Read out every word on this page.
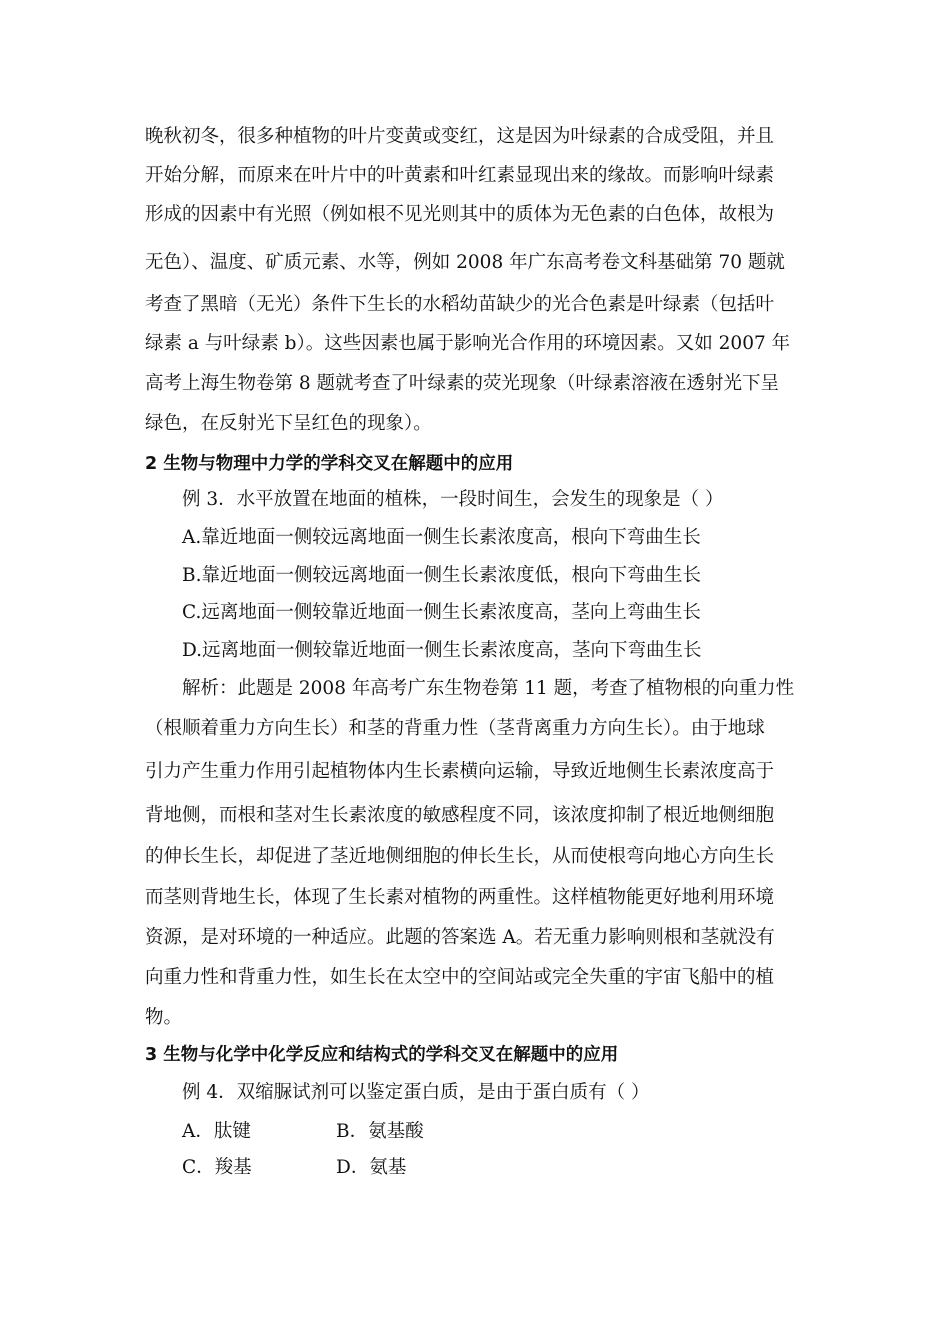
晚秋初冬，很多种植物的叶片变黄或变红，这是因为叶绿素的合成受阻，并且
开始分解，而原来在叶片中的叶黄素和叶红素显现出来的缘故。而影响叶绿素
形成的因素中有光照（例如根不见光则其中的质体为无色素的白色体，故根为
无色）、温度、矿质元素、水等，例如 2008 年广东高考卷文科基础第 70 题就
考查了黑暗（无光）条件下生长的水稻幼苗缺少的光合色素是叶绿素（包括叶
绿素 a 与叶绿素 b）。这些因素也属于影响光合作用的环境因素。又如 2007 年
高考上海生物卷第 8 题就考查了叶绿素的荧光现象（叶绿素溶液在透射光下呈
绿色，在反射光下呈红色的现象）。
2 生物与物理中力学的学科交叉在解题中的应用
例 3．水平放置在地面的植株，一段时间生，会发生的现象是（ ）
A.靠近地面一侧较远离地面一侧生长素浓度高，根向下弯曲生长
B.靠近地面一侧较远离地面一侧生长素浓度低，根向下弯曲生长
C.远离地面一侧较靠近地面一侧生长素浓度高，茎向上弯曲生长
D.远离地面一侧较靠近地面一侧生长素浓度高，茎向下弯曲生长
解析：此题是 2008 年高考广东生物卷第 11 题，考查了植物根的向重力性
（根顺着重力方向生长）和茎的背重力性（茎背离重力方向生长）。由于地球
引力产生重力作用引起植物体内生长素横向运输，导致近地侧生长素浓度高于
背地侧，而根和茎对生长素浓度的敏感程度不同，该浓度抑制了根近地侧细胞
的伸长生长，却促进了茎近地侧细胞的伸长生长，从而使根弯向地心方向生长
而茎则背地生长，体现了生长素对植物的两重性。这样植物能更好地利用环境
资源，是对环境的一种适应。此题的答案选 A。若无重力影响则根和茎就没有
向重力性和背重力性，如生长在太空中的空间站或完全失重的宇宙飞船中的植
物。
3 生物与化学中化学反应和结构式的学科交叉在解题中的应用
例 4．双缩脲试剂可以鉴定蛋白质，是由于蛋白质有（ ）
A．肽键	B．氨基酸
C．羧基	D．氨基
